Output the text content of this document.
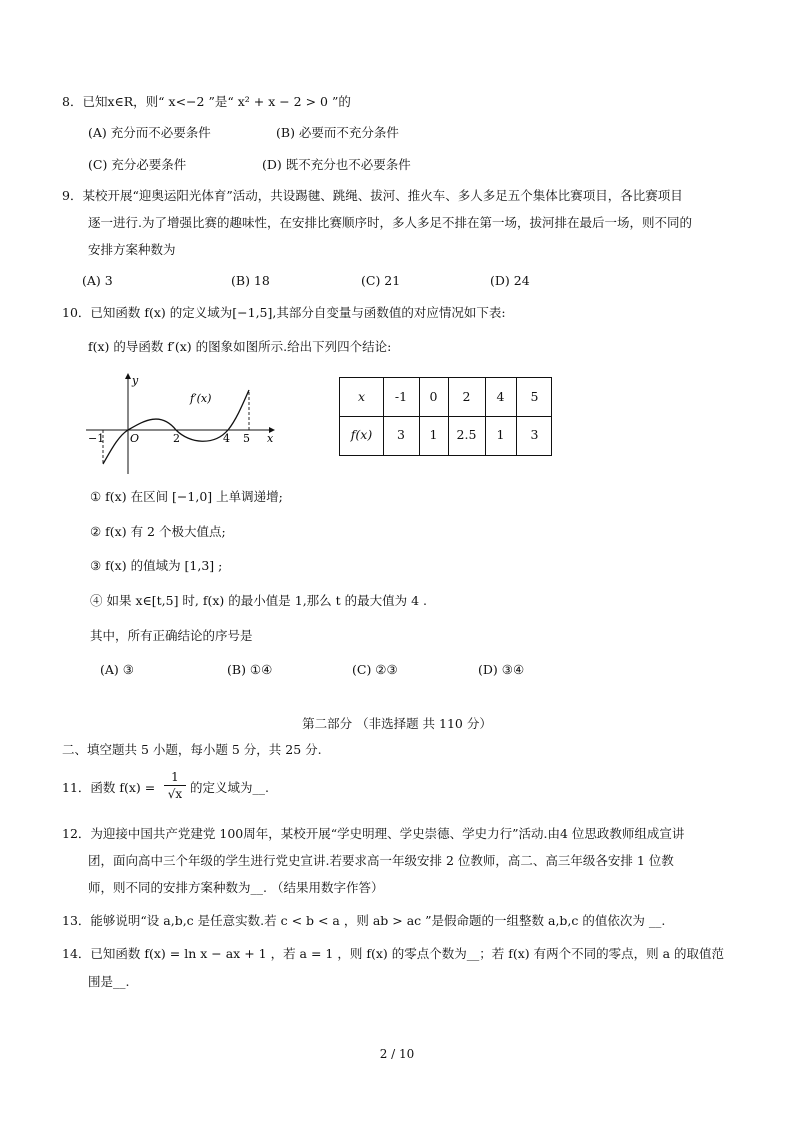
8．已知x∈R，则“ x<−2 ”是“ x² + x − 2 > 0 ”的
(A) 充分而不必要条件	(B) 必要而不充分条件
(C) 充分必要条件	(D) 既不充分也不必要条件
9．某校开展“迎奥运阳光体育”活动，共设踢毽、跳绳、拔河、推火车、多人多足五个集体比赛项目，各比赛项目
逐一进行.为了增强比赛的趣味性，在安排比赛顺序时，多人多足不排在第一场，拔河排在最后一场，则不同的
安排方案种数为
(A) 3	(B) 18	(C) 21	(D) 24
10．已知函数 f(x) 的定义域为[−1,5],其部分自变量与函数值的对应情况如下表:
f(x) 的导函数 f′(x) 的图象如图所示.给出下列四个结论:
y
x
f′(x)
−1 O	2	4 5
x	-1	0	2	4	5
f(x)	3	1	2.5	1	3
① f(x) 在区间 [−1,0] 上单调递增;
② f(x) 有 2 个极大值点;
③ f(x) 的值域为 [1,3] ;
④ 如果 x∈[t,5] 时, f(x) 的最小值是 1,那么 t 的最大值为 4 .
其中，所有正确结论的序号是
(A) ③	(B) ①④	(C) ②③	(D) ③④
第二部分 （非选择题 共 110 分）
二、填空题共 5 小题，每小题 5 分，共 25 分.
11．函数 f(x) =
1
√x 的定义域为__.
12．为迎接中国共产党建党 100周年，某校开展“学史明理、学史崇德、学史力行”活动.由4 位思政教师组成宣讲
团，面向高中三个年级的学生进行党史宣讲.若要求高一年级安排 2 位教师，高二、高三年级各安排 1 位教
师，则不同的安排方案种数为__. （结果用数字作答）
13．能够说明“设 a,b,c 是任意实数.若 c < b < a ，则 ab > ac ”是假命题的一组整数 a,b,c 的值依次为 __.
14．已知函数 f(x) = ln x − ax + 1 ，若 a = 1 ，则 f(x) 的零点个数为__；若 f(x) 有两个不同的零点，则 a 的取值范
围是__.
2 / 10
